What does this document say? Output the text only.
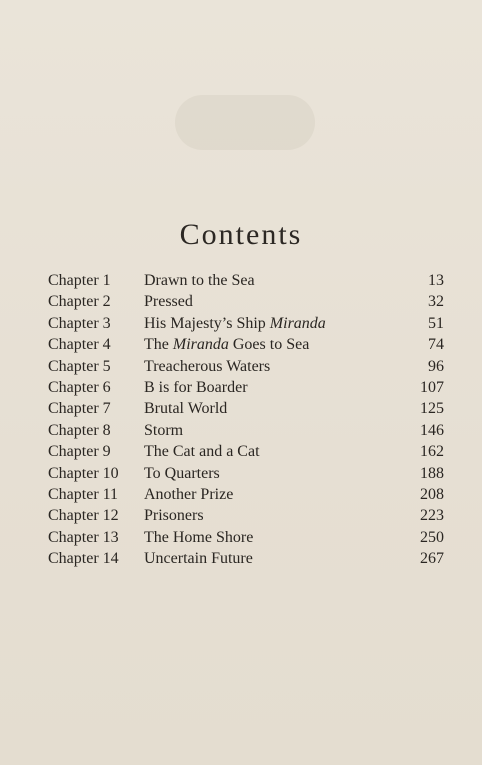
Contents
Chapter 1	Drawn to the Sea	13
Chapter 2	Pressed	32
Chapter 3	His Majesty’s Ship Miranda	51
Chapter 4	The Miranda Goes to Sea	74
Chapter 5	Treacherous Waters	96
Chapter 6	B is for Boarder	107
Chapter 7	Brutal World	125
Chapter 8	Storm	146
Chapter 9	The Cat and a Cat	162
Chapter 10	To Quarters	188
Chapter 11	Another Prize	208
Chapter 12	Prisoners	223
Chapter 13	The Home Shore	250
Chapter 14	Uncertain Future	267
